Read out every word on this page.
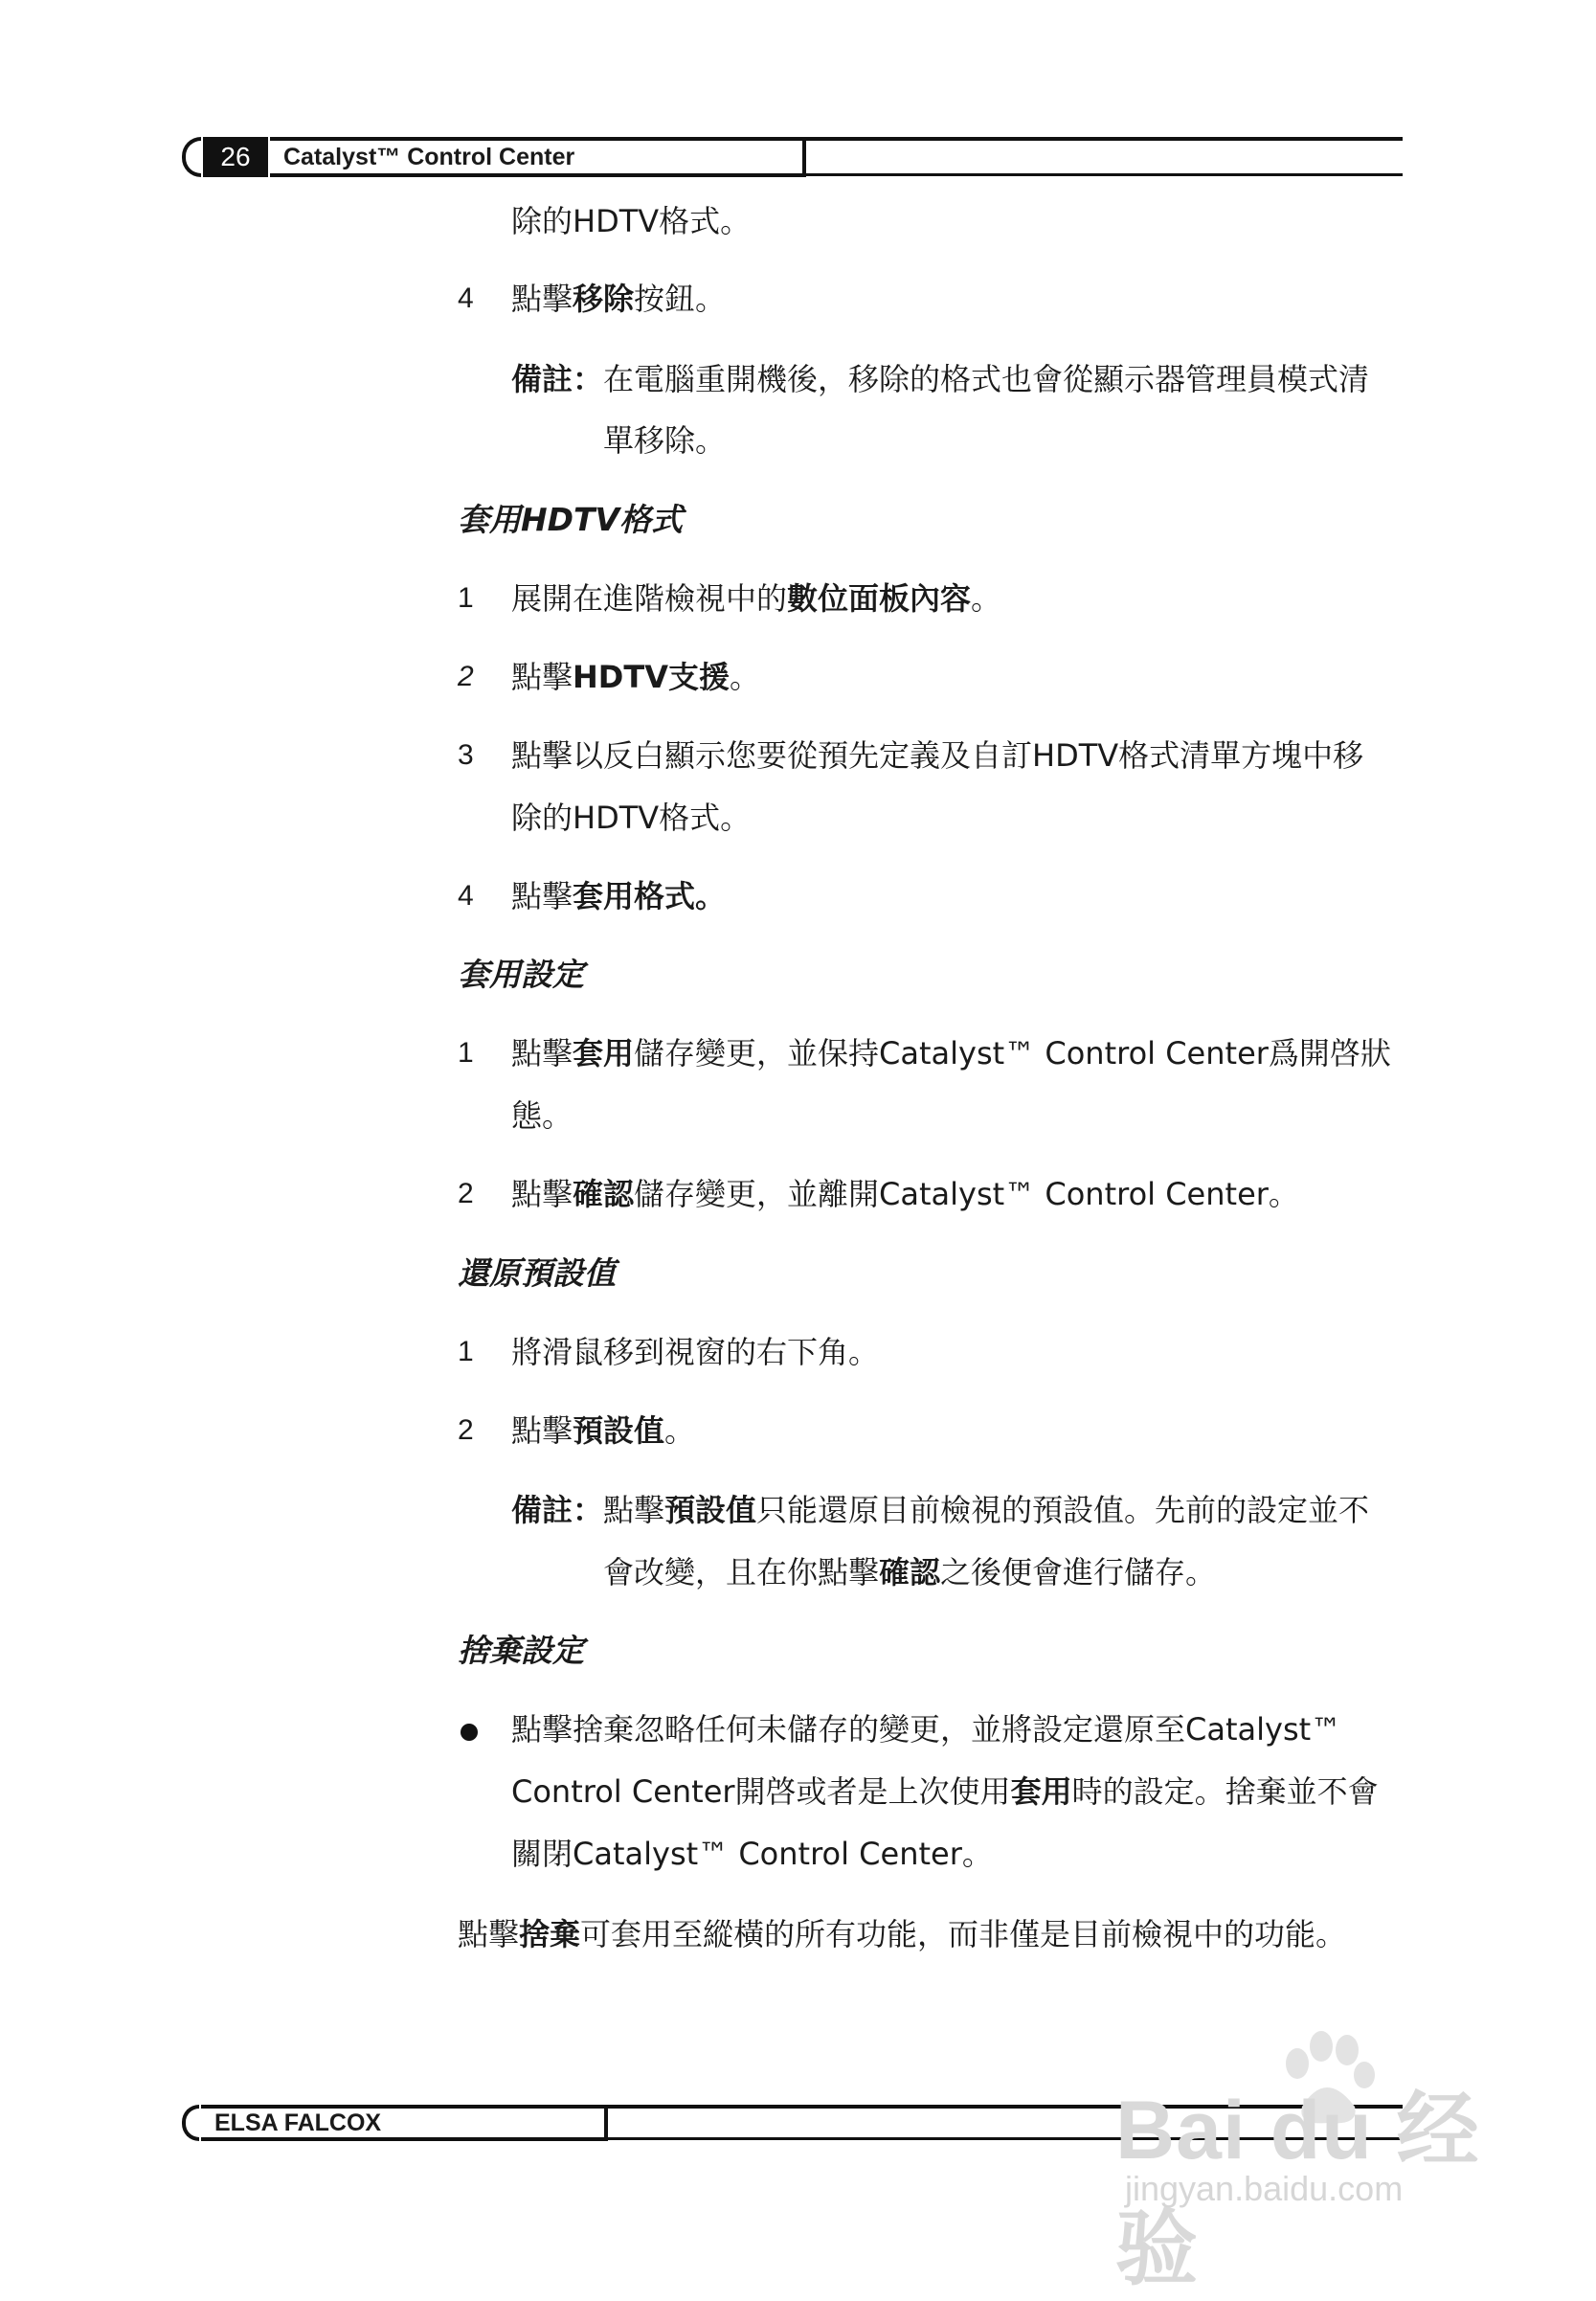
26	Catalyst™ Control Center
除的HDTV格式。
4 點擊移除按鈕。
備註：在電腦重開機後，移除的格式也會從顯示器管理員模式清
單移除。
套用HDTV格式
1 展開在進階檢視中的數位面板內容。
2 點擊HDTV支援。
3 點擊以反白顯示您要從預先定義及自訂HDTV格式清單方塊中移
除的HDTV格式。
4 點擊套用格式。
套用設定
1 點擊套用儲存變更，並保持Catalyst™ Control Center爲開啓狀
態。
2 點擊確認儲存變更，並離開Catalyst™ Control Center。
還原預設值
1 將滑鼠移到視窗的右下角。
2 點擊預設值。
備註：點擊預設值只能還原目前檢視的預設值。先前的設定並不
會改變，且在你點擊確認之後便會進行儲存。
捨棄設定
點擊捨棄忽略任何未儲存的變更，並將設定還原至Catalyst™
Control Center開啓或者是上次使用套用時的設定。捨棄並不會
關閉Catalyst™ Control Center。
點擊捨棄可套用至縱橫的所有功能，而非僅是目前檢視中的功能。
ELSA FALCOX	Bai du 经验
jingyan.baidu.com
